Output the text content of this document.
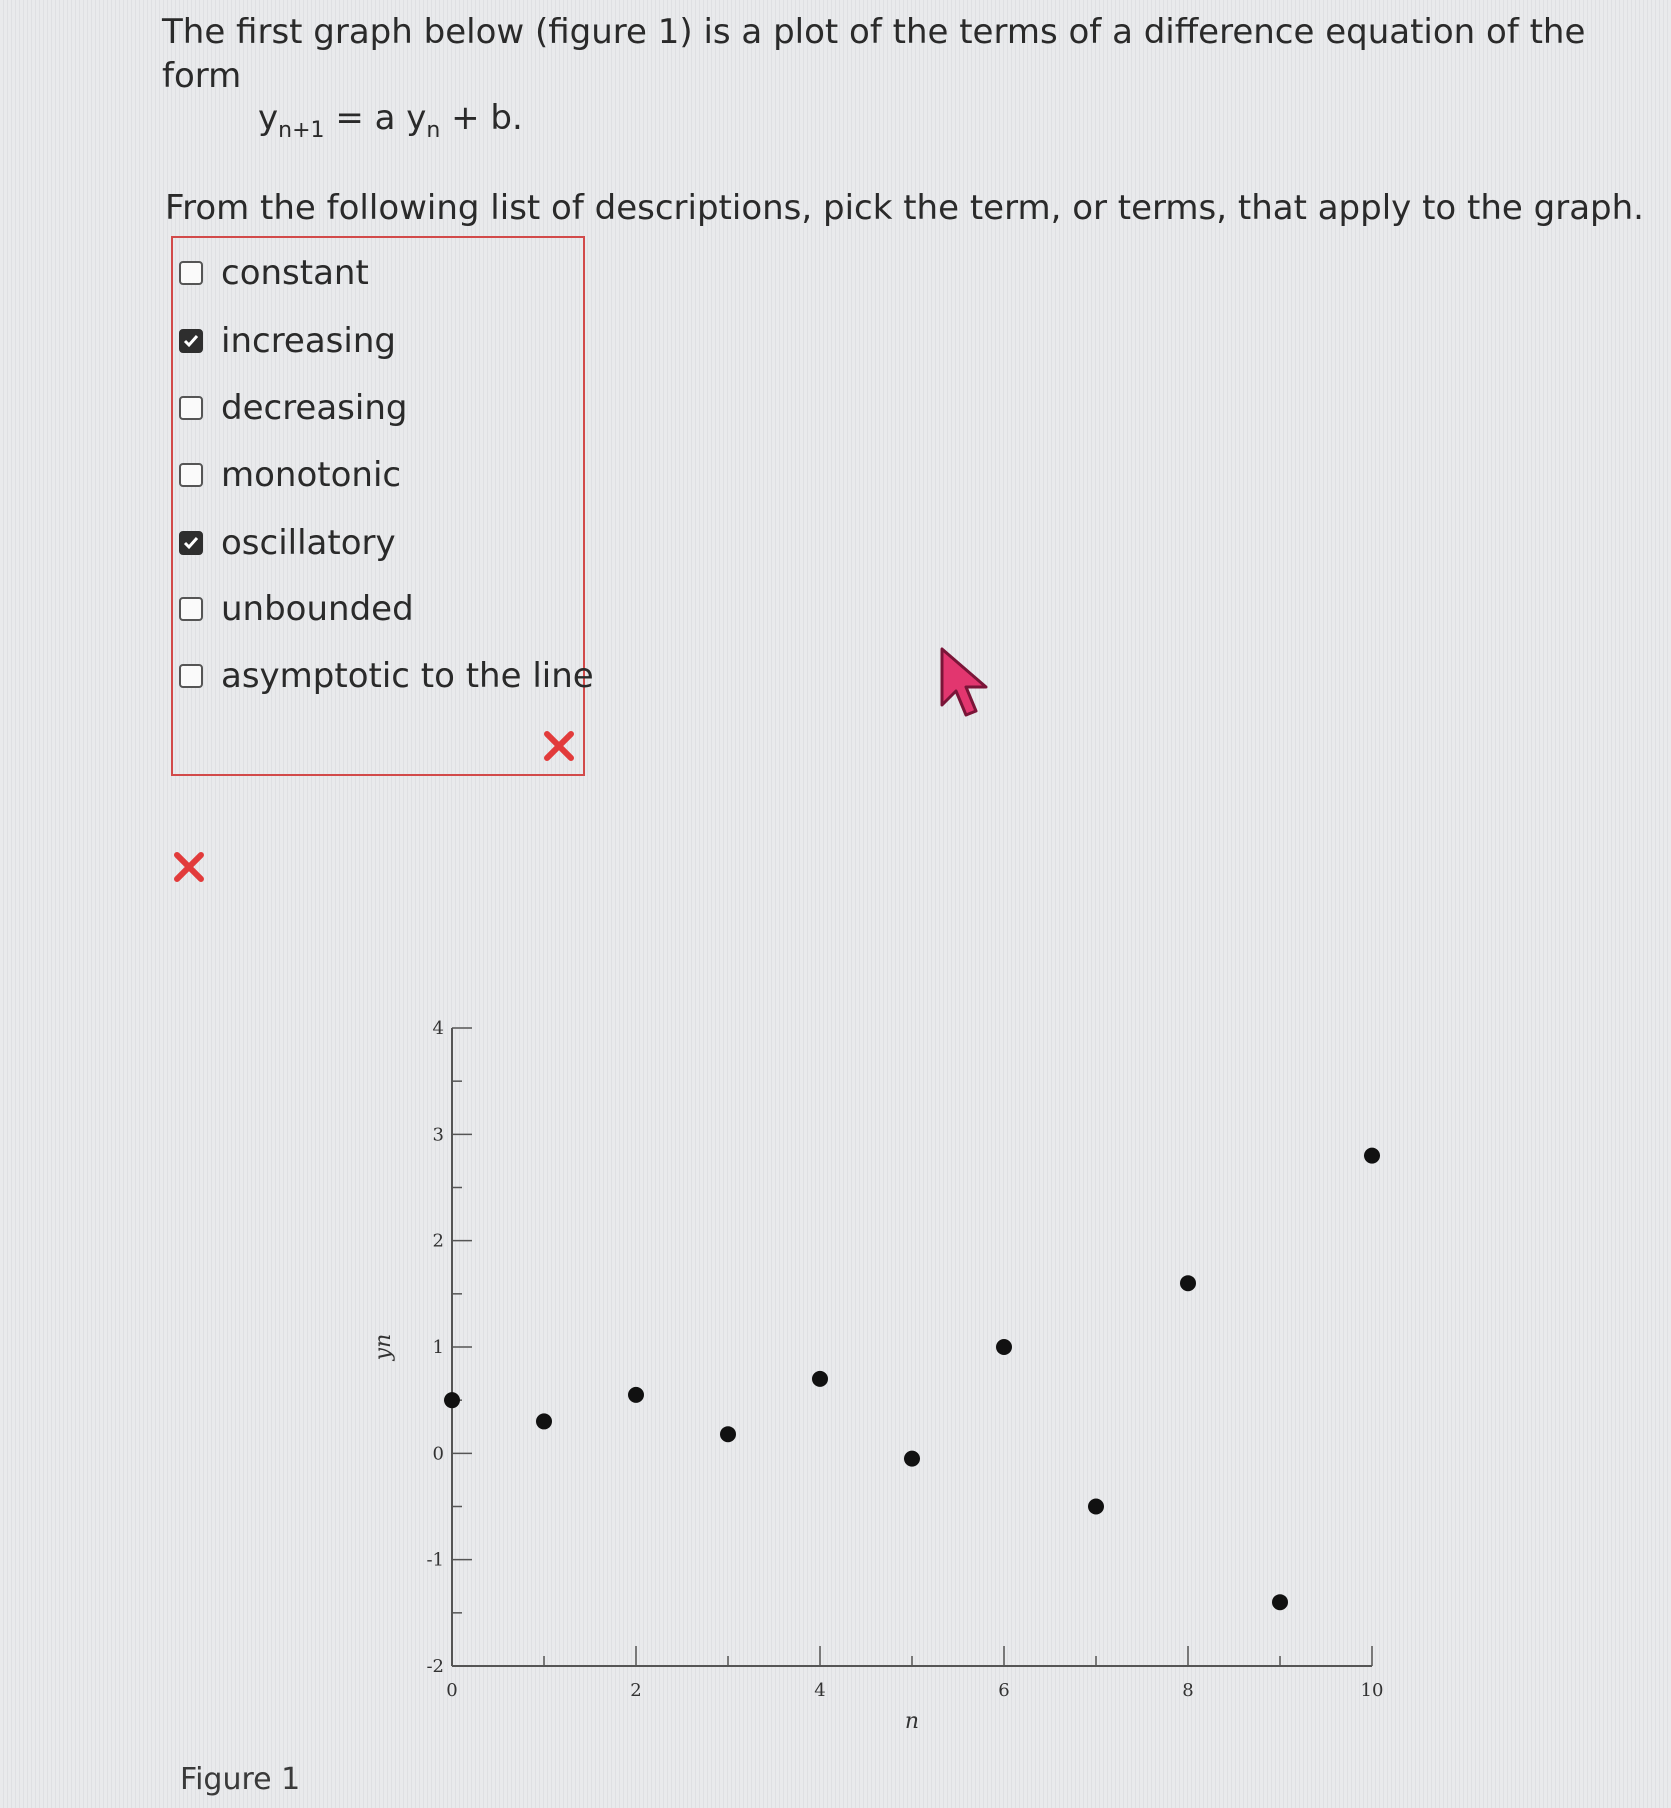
The first graph below (figure 1) is a plot of the terms of a difference equation of the form

$y_{n+1} = a$ $y_n + b$.

From the following list of descriptions, pick the term, or terms, that apply to the graph.

constant
increasing
decreasing
monotonic
oscillatory
unbounded
asymptotic to the line
-2
-1
0
1
2
3
4
0	2	4	6	8	10
n
yn
Figure 1
